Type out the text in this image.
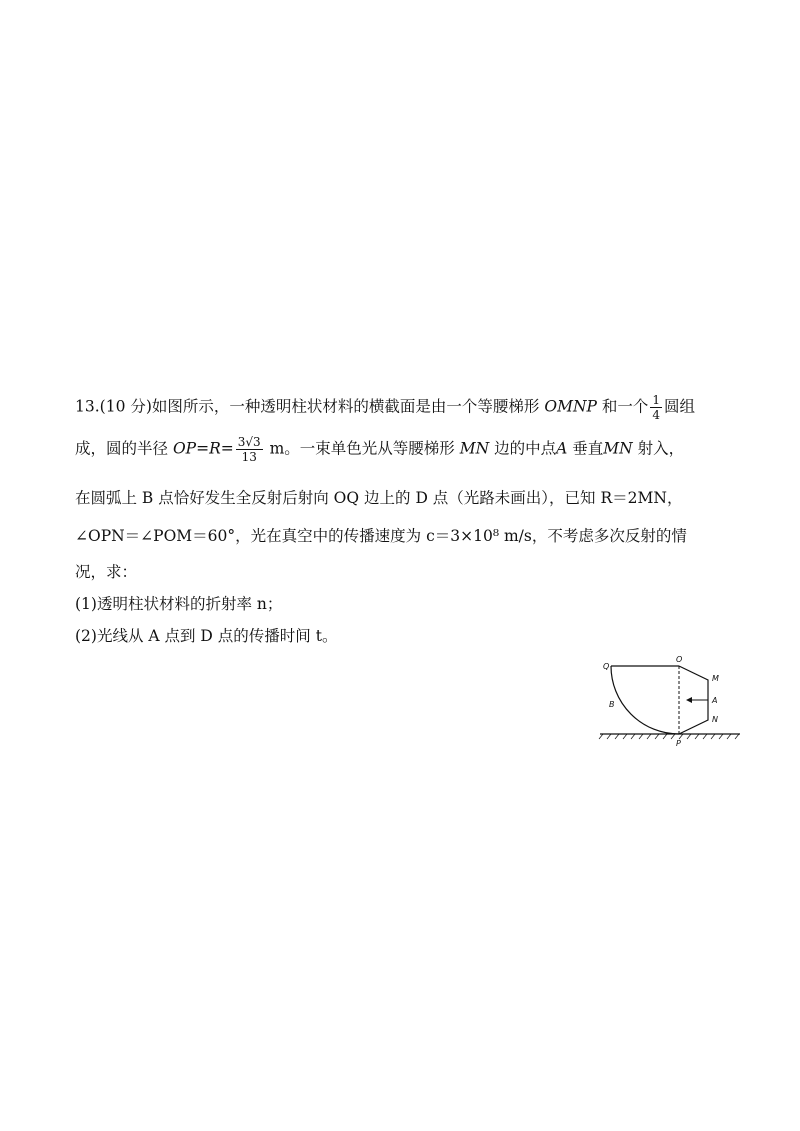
13.(10 分)如图所示，一种透明柱状材料的横截面是由一个等腰梯形 OMNP 和一个 $\frac{1}{4}$ 圆组
成，圆的半径 $OP=R= \frac{3√3}{13}$ m。一束单色光从等腰梯形 MN 边的中点A 垂直MN 射入，
在圆弧上 B 点恰好发生全反射后射向 OQ 边上的 D 点（光路未画出），已知 R＝2MN，
∠OPN＝∠POM＝60°，光在真空中的传播速度为 c＝3×10⁸ m/s，不考虑多次反射的情
况，求：
(1)透明柱状材料的折射率 n；
(2)光线从 A 点到 D 点的传播时间 t。
Q
O
M
A
N
B
P
